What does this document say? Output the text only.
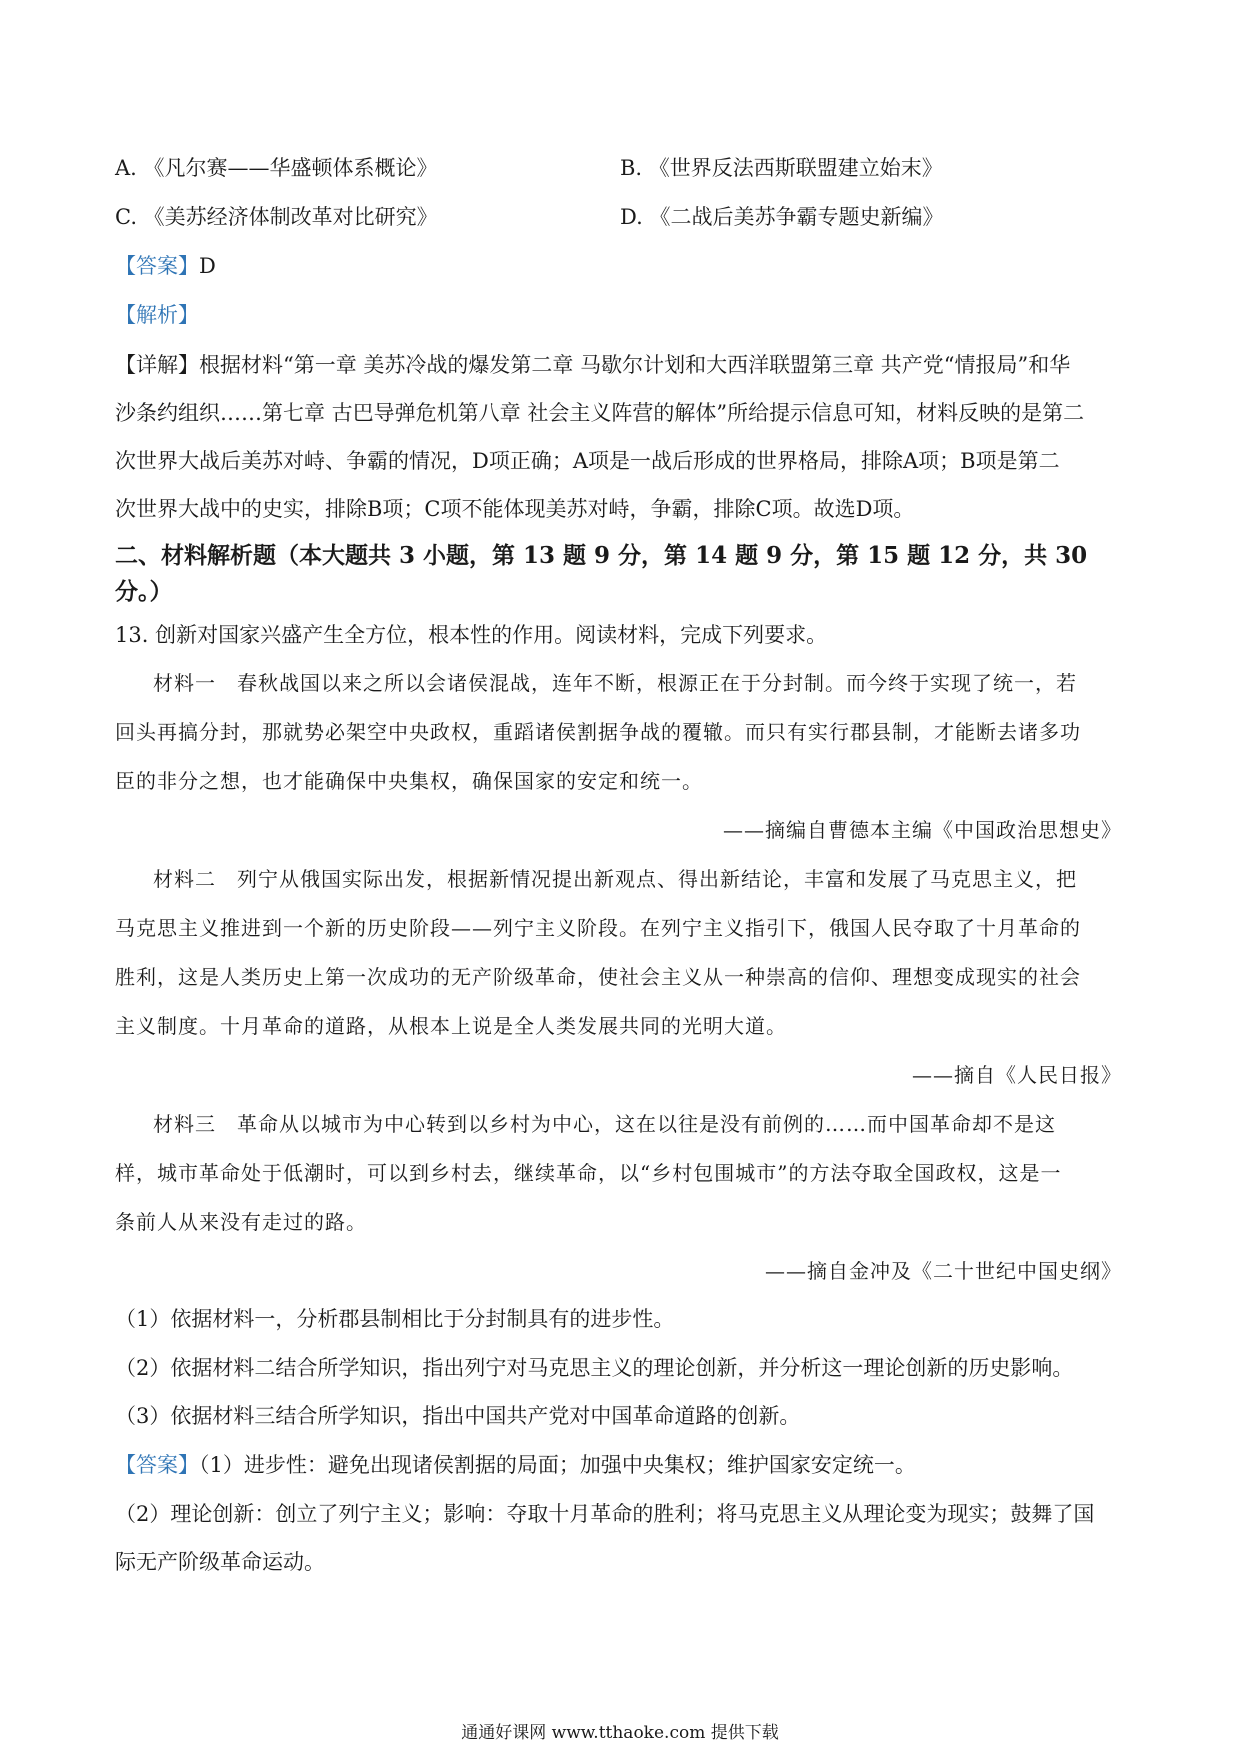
A. 《凡尔赛——华盛顿体系概论》	B. 《世界反法西斯联盟建立始末》
C. 《美苏经济体制改革对比研究》	D. 《二战后美苏争霸专题史新编》
【答案】D
【解析】
【详解】根据材料“第一章 美苏冷战的爆发第二章 马歇尔计划和大西洋联盟第三章 共产党“情报局”和华
沙条约组织……第七章 古巴导弹危机第八章 社会主义阵营的解体”所给提示信息可知，材料反映的是第二
次世界大战后美苏对峙、争霸的情况，D项正确；A项是一战后形成的世界格局，排除A项；B项是第二
次世界大战中的史实，排除B项；C项不能体现美苏对峙，争霸，排除C项。故选D项。
二、材料解析题（本大题共 3 小题，第 13 题 9 分，第 14 题 9 分，第 15 题 12 分，共 30
分。）
13. 创新对国家兴盛产生全方位，根本性的作用。阅读材料，完成下列要求。
材料一　春秋战国以来之所以会诸侯混战，连年不断，根源正在于分封制。而今终于实现了统一，若
回头再搞分封，那就势必架空中央政权，重蹈诸侯割据争战的覆辙。而只有实行郡县制，才能断去诸多功
臣的非分之想，也才能确保中央集权，确保国家的安定和统一。
——摘编自曹德本主编《中国政治思想史》
材料二　列宁从俄国实际出发，根据新情况提出新观点、得出新结论，丰富和发展了马克思主义，把
马克思主义推进到一个新的历史阶段——列宁主义阶段。在列宁主义指引下，俄国人民夺取了十月革命的
胜利，这是人类历史上第一次成功的无产阶级革命，使社会主义从一种崇高的信仰、理想变成现实的社会
主义制度。十月革命的道路，从根本上说是全人类发展共同的光明大道。
——摘自《人民日报》
材料三　革命从以城市为中心转到以乡村为中心，这在以往是没有前例的……而中国革命却不是这
样，城市革命处于低潮时，可以到乡村去，继续革命，以“乡村包围城市”的方法夺取全国政权，这是一
条前人从来没有走过的路。
——摘自金冲及《二十世纪中国史纲》
（1）依据材料一，分析郡县制相比于分封制具有的进步性。
（2）依据材料二结合所学知识，指出列宁对马克思主义的理论创新，并分析这一理论创新的历史影响。
（3）依据材料三结合所学知识，指出中国共产党对中国革命道路的创新。
【答案】（1）进步性：避免出现诸侯割据的局面；加强中央集权；维护国家安定统一。
（2）理论创新：创立了列宁主义；影响：夺取十月革命的胜利；将马克思主义从理论变为现实；鼓舞了国
际无产阶级革命运动。
通通好课网 www.tthaoke.com 提供下载
